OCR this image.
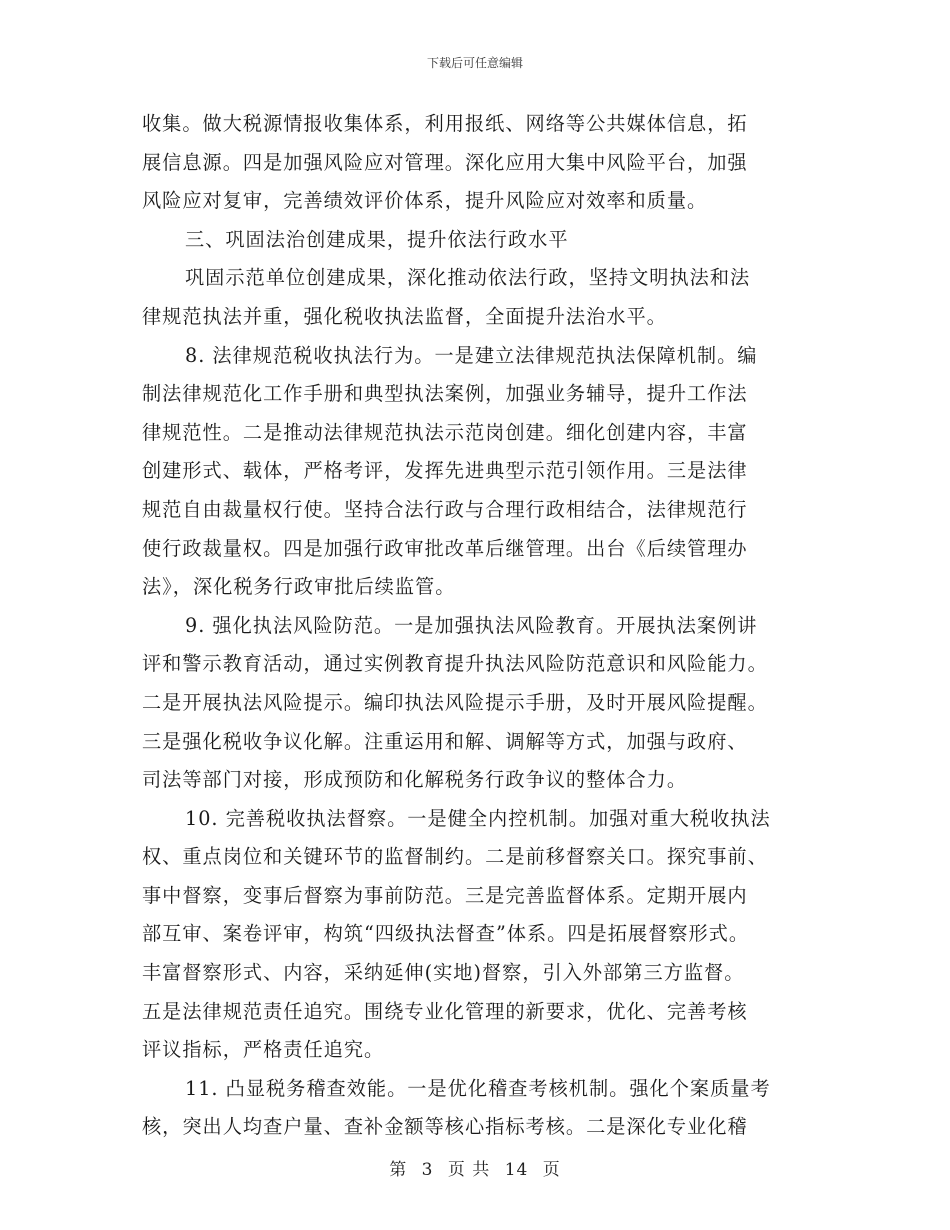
下载后可任意编辑

收集。做大税源情报收集体系，利用报纸、网络等公共媒体信息，拓

展信息源。四是加强风险应对管理。深化应用大集中风险平台，加强

风险应对复审，完善绩效评价体系，提升风险应对效率和质量。

三、巩固法治创建成果，提升依法行政水平

巩固示范单位创建成果，深化推动依法行政，坚持文明执法和法

律规范执法并重，强化税收执法监督，全面提升法治水平。

8. 法律规范税收执法行为。一是建立法律规范执法保障机制。编

制法律规范化工作手册和典型执法案例，加强业务辅导，提升工作法

律规范性。二是推动法律规范执法示范岗创建。细化创建内容，丰富

创建形式、载体，严格考评，发挥先进典型示范引领作用。三是法律

规范自由裁量权行使。坚持合法行政与合理行政相结合，法律规范行

使行政裁量权。四是加强行政审批改革后继管理。出台《后续管理办

法》，深化税务行政审批后续监管。

9. 强化执法风险防范。一是加强执法风险教育。开展执法案例讲

评和警示教育活动，通过实例教育提升执法风险防范意识和风险能力。

二是开展执法风险提示。编印执法风险提示手册，及时开展风险提醒。

三是强化税收争议化解。注重运用和解、调解等方式，加强与政府、

司法等部门对接，形成预防和化解税务行政争议的整体合力。

10. 完善税收执法督察。一是健全内控机制。加强对重大税收执法

权、重点岗位和关键环节的监督制约。二是前移督察关口。探究事前、

事中督察，变事后督察为事前防范。三是完善监督体系。定期开展内

部互审、案卷评审，构筑“四级执法督查”体系。四是拓展督察形式。

丰富督察形式、内容，采纳延伸(实地)督察，引入外部第三方监督。

五是法律规范责任追究。围绕专业化管理的新要求，优化、完善考核

评议指标，严格责任追究。

11. 凸显税务稽查效能。一是优化稽查考核机制。强化个案质量考

核，突出人均查户量、查补金额等核心指标考核。二是深化专业化稽

第 3 页 共 14 页
